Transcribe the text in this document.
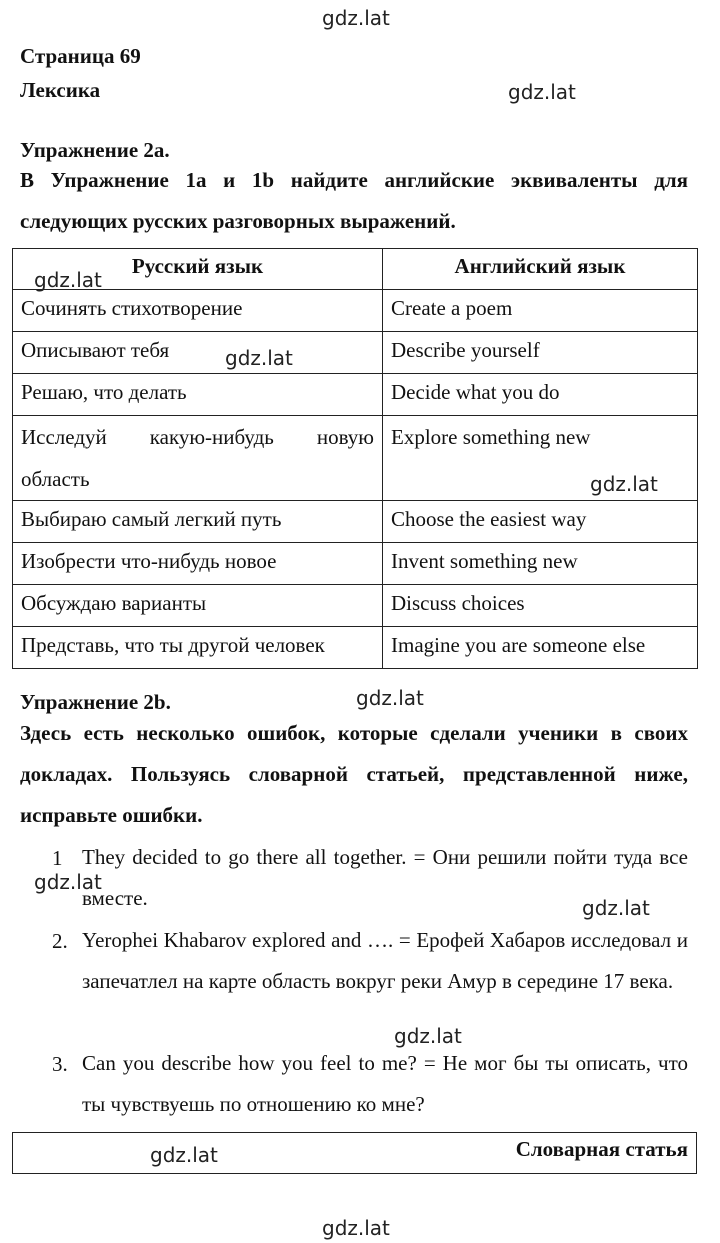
gdz.lat
gdz.lat
gdz.lat
gdz.lat
gdz.lat
gdz.lat
gdz.lat
gdz.lat
gdz.lat
gdz.lat
gdz.lat
Страница 69
Лексика
Упражнение 2a.
В Упражнение 1a и 1b найдите английские эквиваленты для следующих русских разговорных выражений.
Русский язык	Английский язык
Сочинять стихотворение	Create a poem
Описывают тебя	Describe yourself
Решаю, что делать	Decide what you do

Исследуй какую-нибудь новую
область	Explore something new
Выбираю самый легкий путь	Choose the easiest way
Изобрести что-нибудь новое	Invent something new
Обсуждаю варианты	Discuss choices
Представь, что ты другой человек	Imagine you are someone else
Упражнение 2b.
Здесь есть несколько ошибок, которые сделали ученики в своих докладах. Пользуясь словарной статьей, представленной ниже, исправьте ошибки.
1 They decided to go there all together. = Они решили пойти туда все вместе.
2. Yerophei Khabarov explored and …. = Ерофей Хабаров исследовал и запечатлел на карте область вокруг реки Амур в середине 17 века.
3. Can you describe how you feel to me? = Не мог бы ты описать, что ты чувствуешь по отношению ко мне?
Словарная статья
